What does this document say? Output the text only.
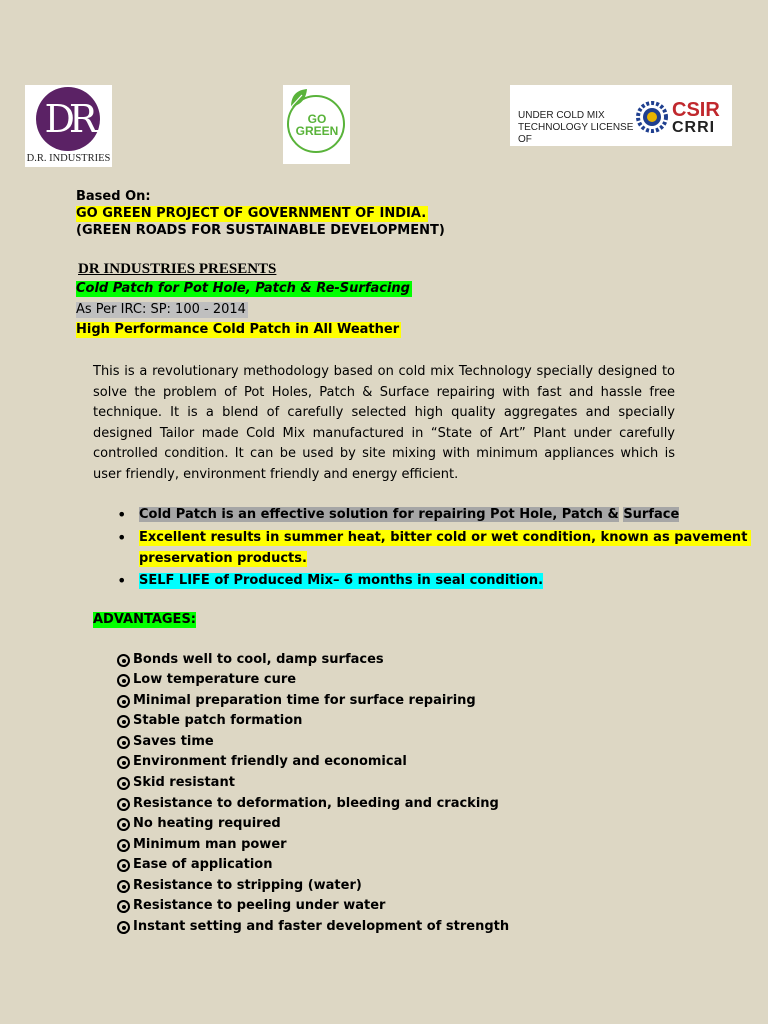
DR
D.R. INDUSTRIES
GO GREEN
UNDER COLD MIX
TECHNOLOGY LICENSE OF
CSIR
CRRI
Based On:
GO GREEN PROJECT OF GOVERNMENT OF INDIA.
(GREEN ROADS FOR SUSTAINABLE DEVELOPMENT)
DR INDUSTRIES PRESENTS
Cold Patch for Pot Hole, Patch & Re-Surfacing
As Per IRC: SP: 100 - 2014
High Performance Cold Patch in All Weather
This is a revolutionary methodology based on cold mix Technology specially designed to solve the problem of Pot Holes, Patch & Surface repairing with fast and hassle free technique. It is a blend of carefully selected high quality aggregates and specially designed Tailor made Cold Mix manufactured in “State of Art” Plant under carefully controlled condition. It can be used by site mixing with minimum appliances which is user friendly, environment friendly and energy efficient.
• Cold Patch is an effective solution for repairing Pot Hole, Patch & Surface
• Excellent results in summer heat, bitter cold or wet condition, known as pavement
preservation products.
• SELF LIFE of Produced Mix– 6 months in seal condition.
ADVANTAGES:
Bonds well to cool, damp surfaces
Low temperature cure
Minimal preparation time for surface repairing
Stable patch formation
Saves time
Environment friendly and economical
Skid resistant
Resistance to deformation, bleeding and cracking
No heating required
Minimum man power
Ease of application
Resistance to stripping (water)
Resistance to peeling under water
Instant setting and faster development of strength
